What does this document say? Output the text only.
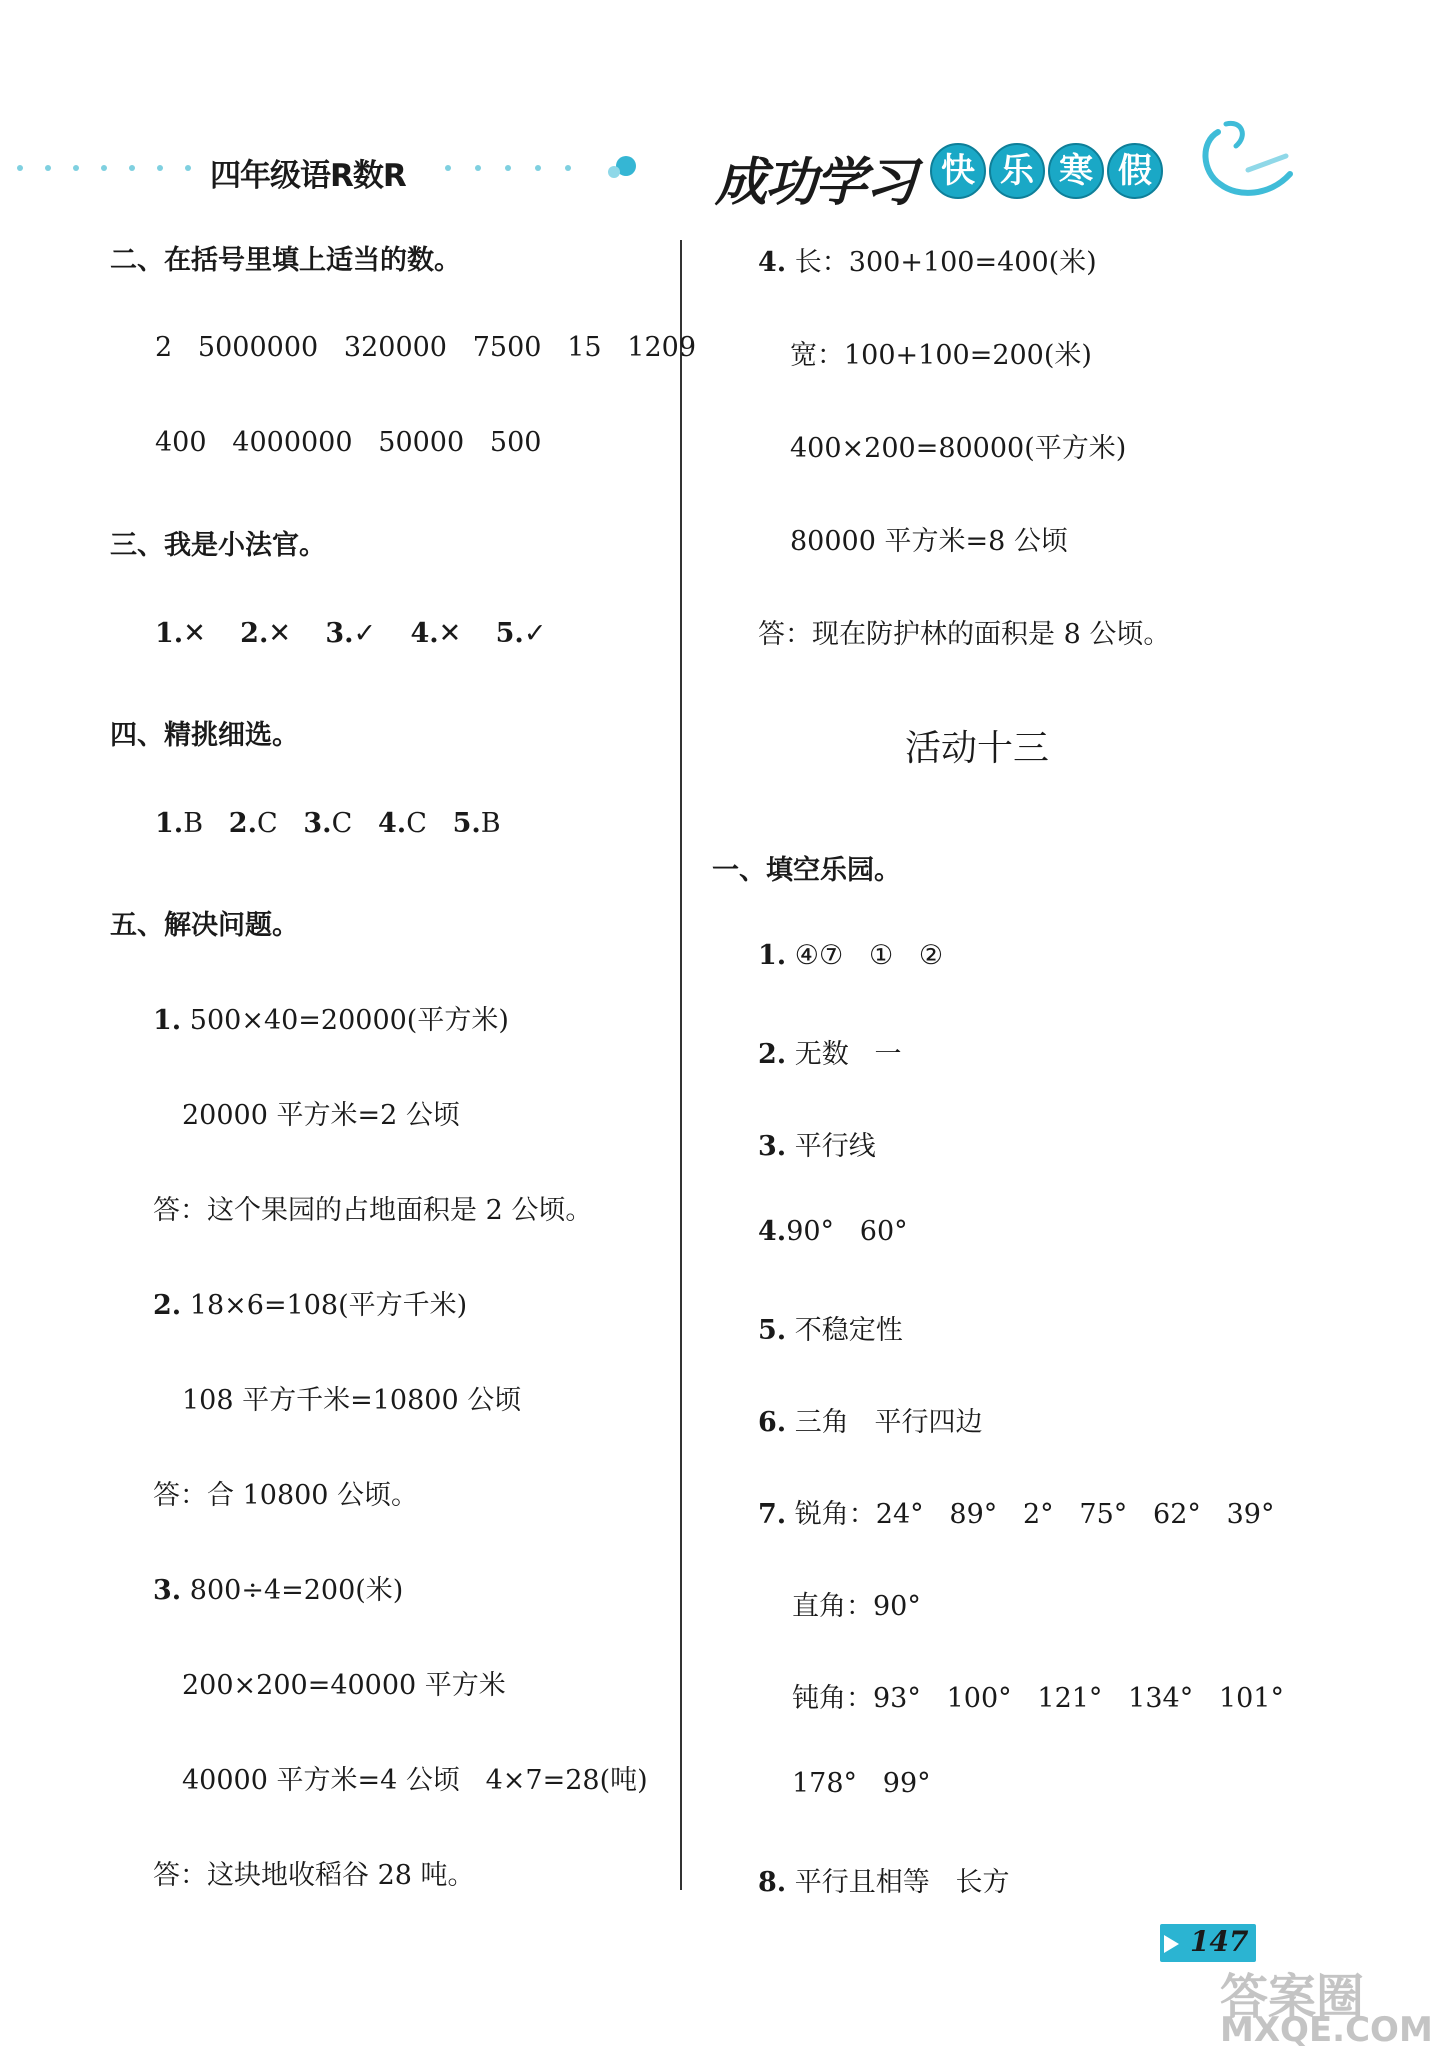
四年级语R数R	成功学习 快 乐 寒 假
二、在括号里填上适当的数。
2   5000000   320000   7500   15   1209
400   4000000   50000   500
三、我是小法官。
1.✕ 2.✕ 3.✓ 4.✕ 5.✓
四、精挑细选。
1.B 2.C 3.C 4.C 5.B
五、解决问题。
1. 500×40=20000(平方米)
20000 平方米=2 公顷
答：这个果园的占地面积是 2 公顷。
2. 18×6=108(平方千米)
108 平方千米=10800 公顷
答：合 10800 公顷。
3. 800÷4=200(米)
200×200=40000 平方米
40000 平方米=4 公顷   4×7=28(吨)
答：这块地收稻谷 28 吨。
4. 长：300+100=400(米)
宽：100+100=200(米)
400×200=80000(平方米)
80000 平方米=8 公顷
答：现在防护林的面积是 8 公顷。
活动十三
一、填空乐园。
1. ④⑦   ①   ②
2. 无数   一
3. 平行线
4.90°   60°
5. 不稳定性
6. 三角   平行四边
7. 锐角：24°   89°   2°   75°   62°   39°
直角：90°
钝角：93°   100°   121°   134°   101°
178°   99°
8. 平行且相等   长方
147
答案圈
MXQE.COM
